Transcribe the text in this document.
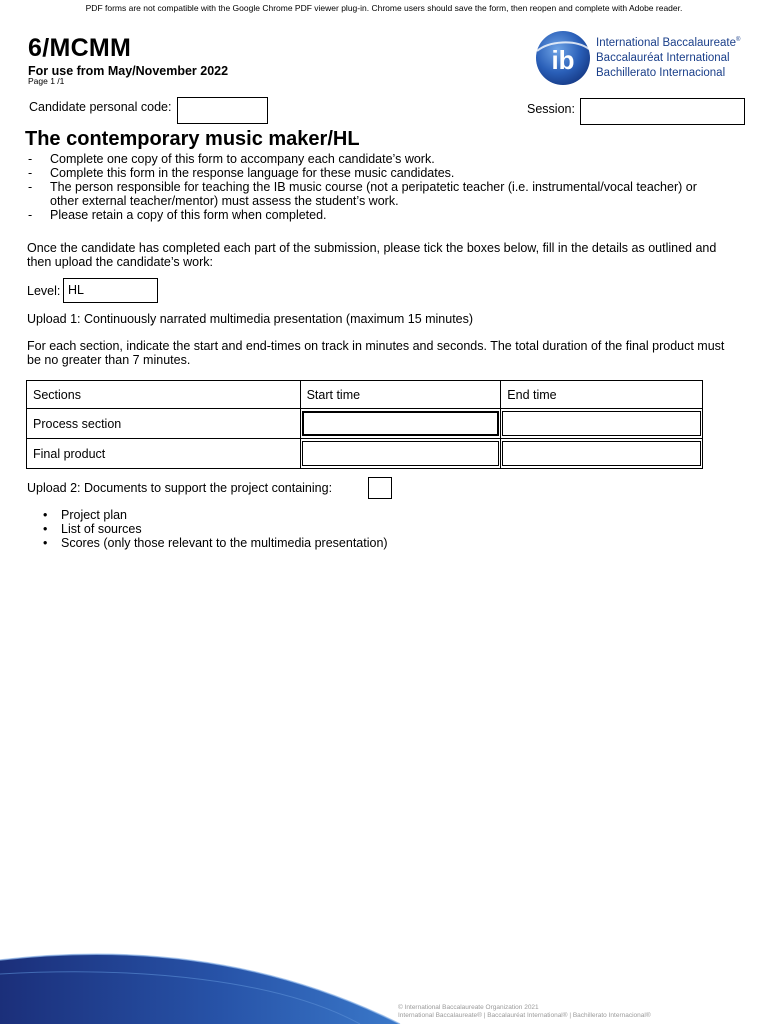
PDF forms are not compatible with the Google Chrome PDF viewer plug-in. Chrome users should save the form, then reopen and complete with Adobe reader.
6/MCMM
For use from May/November 2022
Page 1 /1
ib
International Baccalaureate®
Baccalauréat International
Bachillerato Internacional
Candidate personal code:	Session:
The contemporary music maker/HL
- Complete one copy of this form to accompany each candidate’s work.
- Complete this form in the response language for these music candidates.
- The person responsible for teaching the IB music course (not a peripatetic teacher (i.e. instrumental/vocal teacher) or other external teacher/mentor) must assess the student’s work.
- Please retain a copy of this form when completed.
Once the candidate has completed each part of the submission, please tick the boxes below, fill in the details as outlined and then upload the candidate’s work:
Level: HL
Upload 1: Continuously narrated multimedia presentation (maximum 15 minutes)
For each section, indicate the start and end-times on track in minutes and seconds. The total duration of the final product must be no greater than 7 minutes.
Sections	Start time	End time
Process section	

Final product	

Upload 2: Documents to support the project containing:
• Project plan
• List of sources
• Scores (only those relevant to the multimedia presentation)
© International Baccalaureate Organization 2021
International Baccalaureate® | Baccalauréat International® | Bachillerato Internacional®
